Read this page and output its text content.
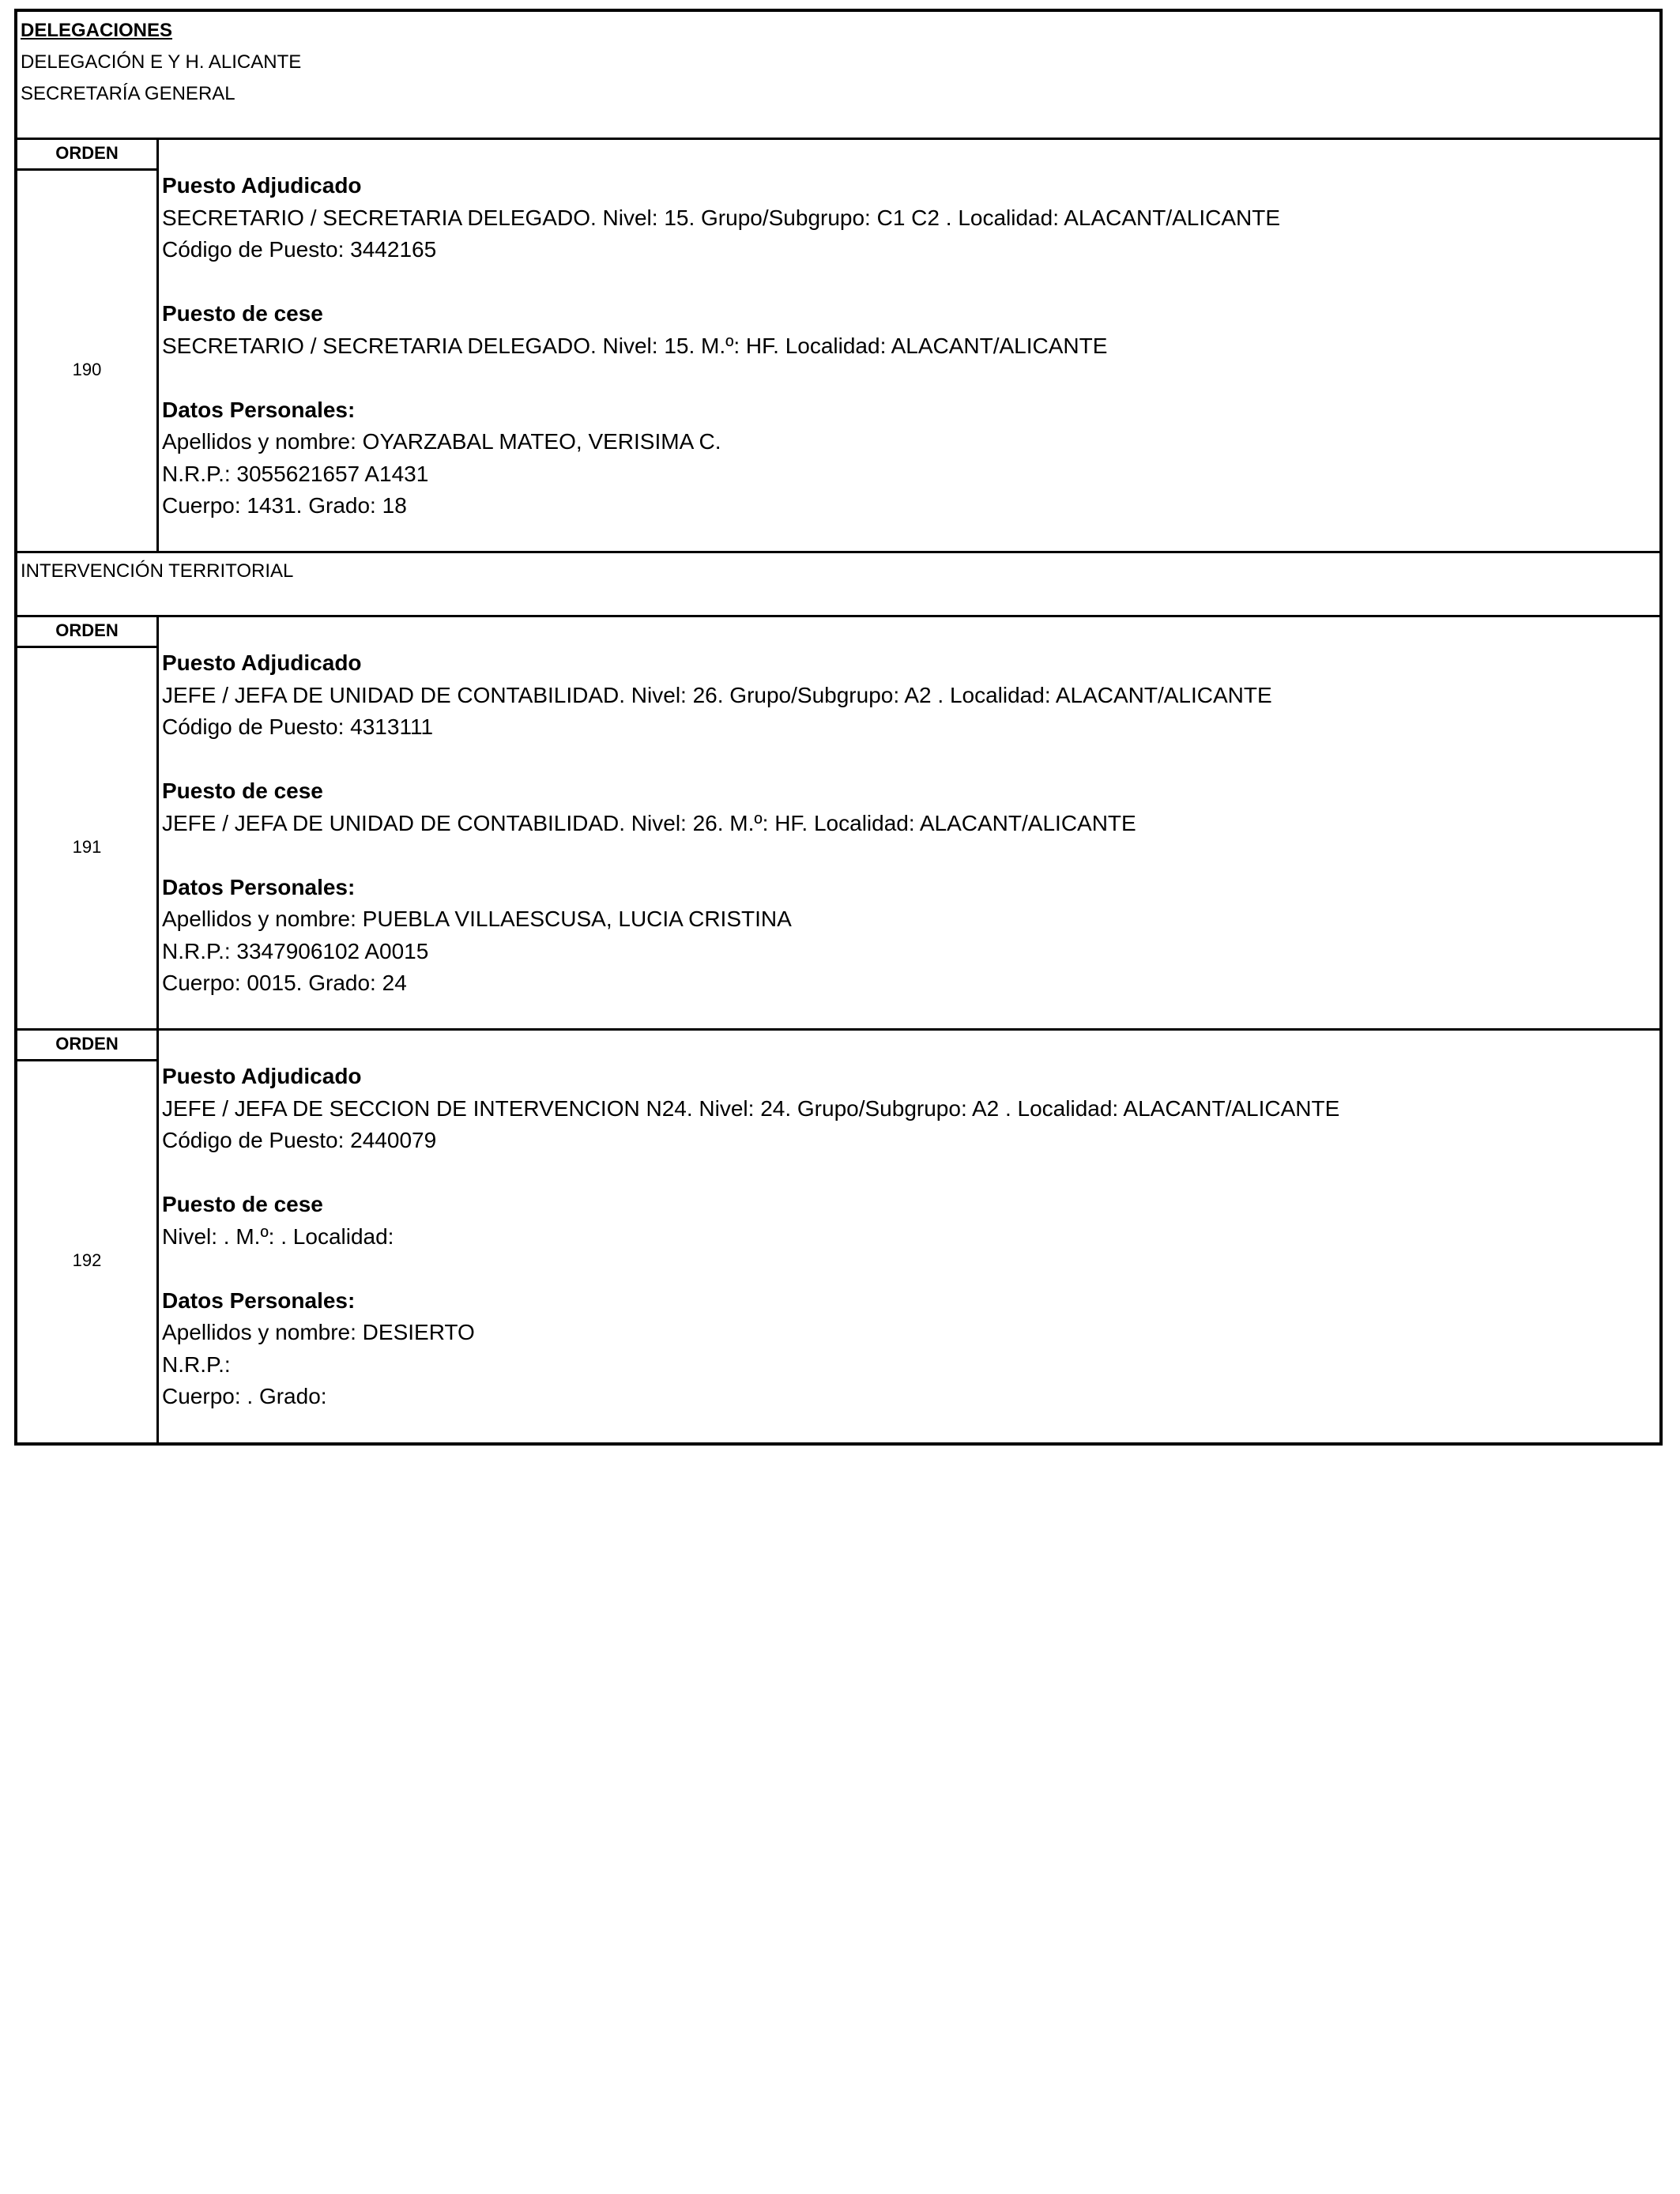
DELEGACIONES
DELEGACIÓN E Y H. ALICANTE
SECRETARÍA GENERAL
ORDEN
190
Puesto Adjudicado
SECRETARIO / SECRETARIA DELEGADO. Nivel: 15. Grupo/Subgrupo: C1 C2 . Localidad: ALACANT/ALICANTE
Código de Puesto: 3442165
Puesto de cese
SECRETARIO / SECRETARIA DELEGADO. Nivel: 15. M.º: HF. Localidad: ALACANT/ALICANTE
Datos Personales:
Apellidos y nombre: OYARZABAL MATEO, VERISIMA C.
N.R.P.: 3055621657 A1431
Cuerpo: 1431. Grado: 18
INTERVENCIÓN TERRITORIAL
ORDEN
191
Puesto Adjudicado
JEFE / JEFA DE UNIDAD DE CONTABILIDAD. Nivel: 26. Grupo/Subgrupo: A2 . Localidad: ALACANT/ALICANTE
Código de Puesto: 4313111
Puesto de cese
JEFE / JEFA DE UNIDAD DE CONTABILIDAD. Nivel: 26. M.º: HF. Localidad: ALACANT/ALICANTE
Datos Personales:
Apellidos y nombre: PUEBLA VILLAESCUSA, LUCIA CRISTINA
N.R.P.: 3347906102 A0015
Cuerpo: 0015. Grado: 24
ORDEN
192
Puesto Adjudicado
JEFE / JEFA DE SECCION DE INTERVENCION N24. Nivel: 24. Grupo/Subgrupo: A2 . Localidad: ALACANT/ALICANTE
Código de Puesto: 2440079
Puesto de cese
Nivel: . M.º: . Localidad:
Datos Personales:
Apellidos y nombre: DESIERTO
N.R.P.:
Cuerpo: . Grado:
